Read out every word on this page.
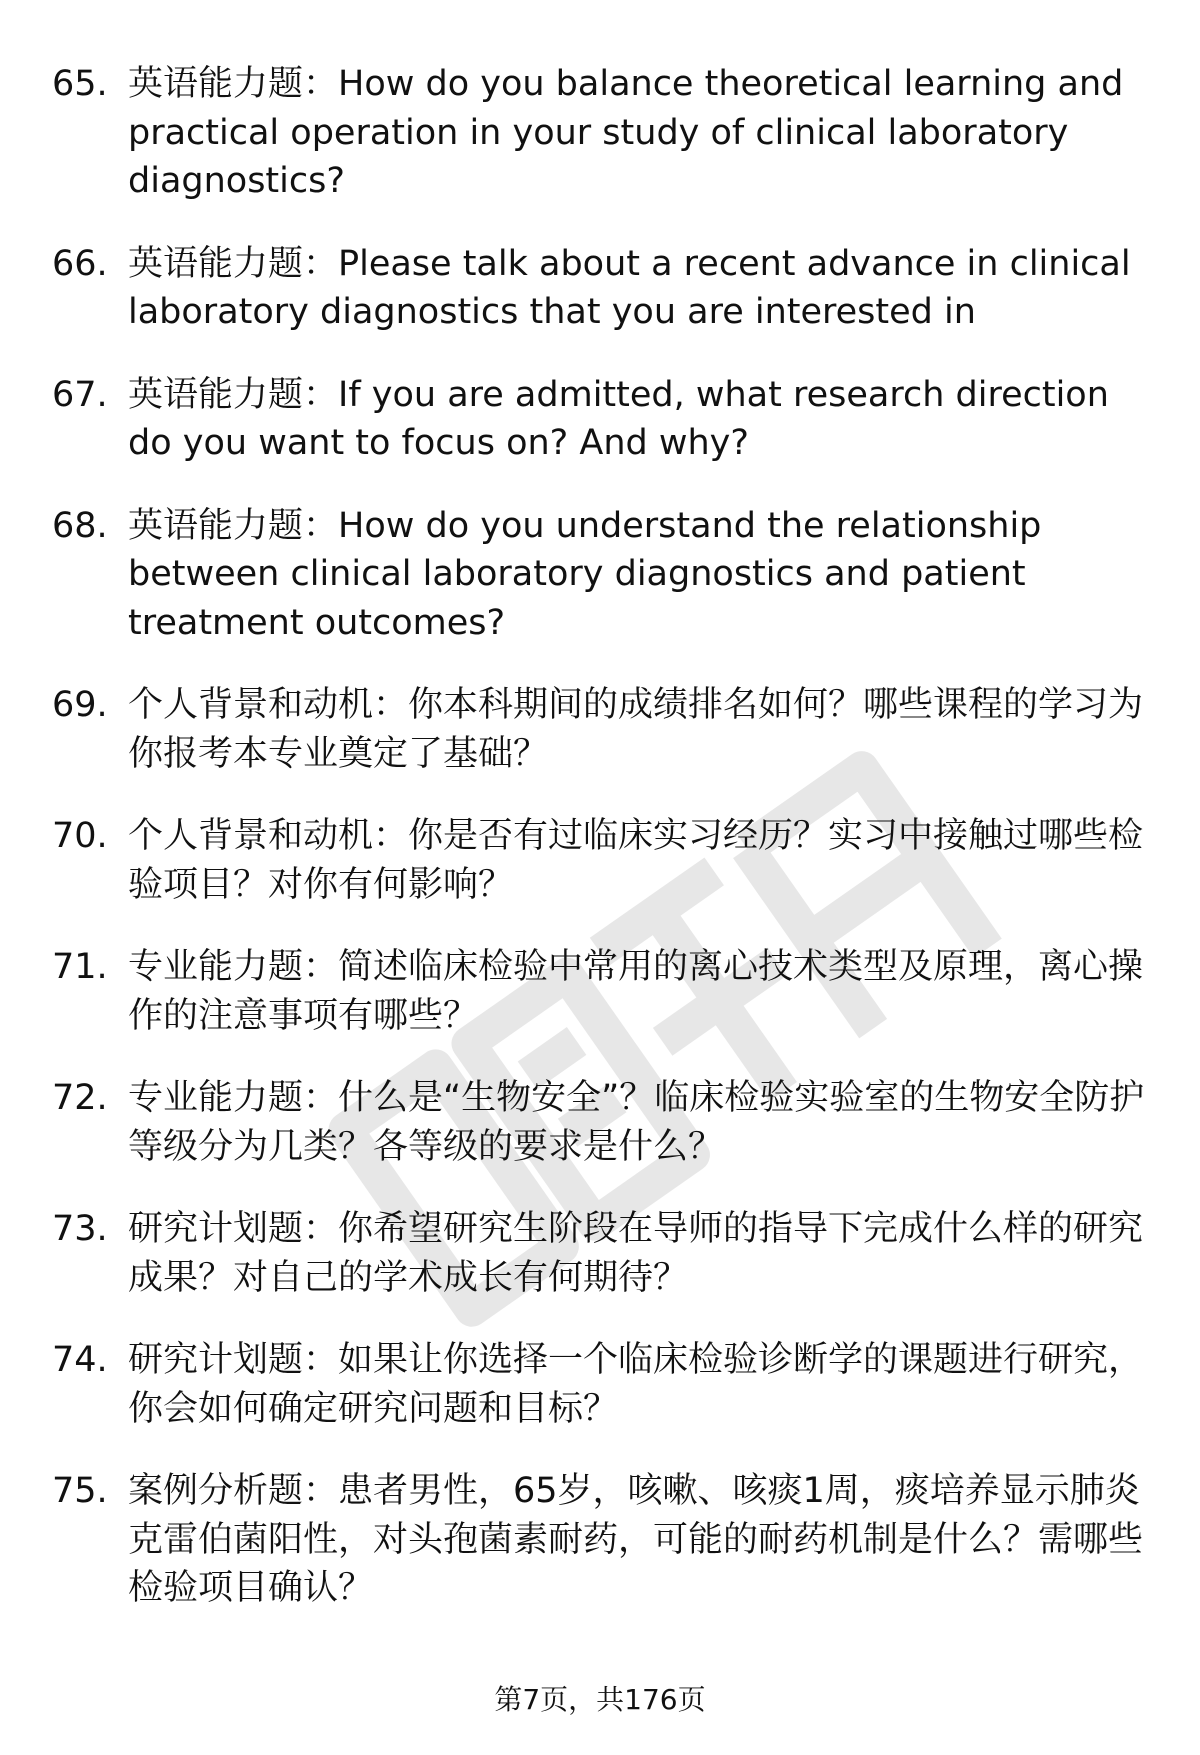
65. 英语能力题：How do you balance theoretical learning and practical operation in your study of clinical laboratory diagnostics?
66. 英语能力题：Please talk about a recent advance in clinical laboratory diagnostics that you are interested in
67. 英语能力题：If you are admitted, what research direction do you want to focus on? And why?
68. 英语能力题：How do you understand the relationship between clinical laboratory diagnostics and patient treatment outcomes?
69. 个人背景和动机：你本科期间的成绩排名如何？哪些课程的学习为你报考本专业奠定了基础？
70. 个人背景和动机：你是否有过临床实习经历？实习中接触过哪些检验项目？对你有何影响？
71. 专业能力题：简述临床检验中常用的离心技术类型及原理，离心操作的注意事项有哪些？
72. 专业能力题：什么是“生物安全”？临床检验实验室的生物安全防护等级分为几类？各等级的要求是什么？
73. 研究计划题：你希望研究生阶段在导师的指导下完成什么样的研究成果？对自己的学术成长有何期待？
74. 研究计划题：如果让你选择一个临床检验诊断学的课题进行研究，你会如何确定研究问题和目标？
75. 案例分析题：患者男性，65岁，咳嗽、咳痰1周，痰培养显示肺炎克雷伯菌阳性，对头孢菌素耐药，可能的耐药机制是什么？需哪些检验项目确认？
第7页，共176页
